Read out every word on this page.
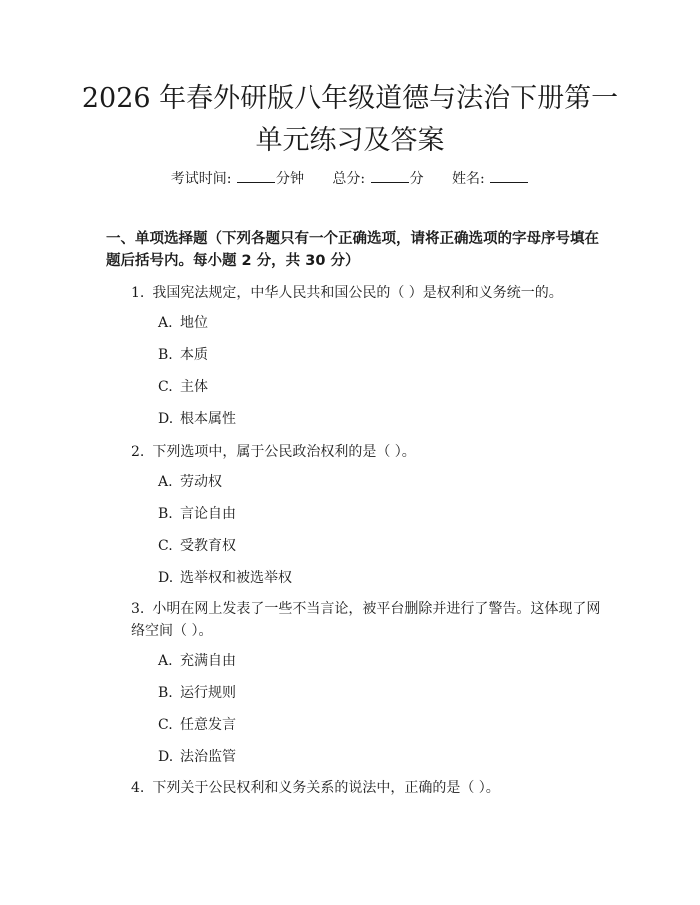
2026 年春外研版八年级道德与法治下册第一
单元练习及答案
考试时间:	分钟 总分:	分 姓名:
一、单项选择题（下列各题只有一个正确选项，请将正确选项的字母序号填在题后括号内。每小题 2 分，共 30 分）
1. 我国宪法规定，中华人民共和国公民的（ ）是权利和义务统一的。
A. 地位
B. 本质
C. 主体
D. 根本属性
2. 下列选项中，属于公民政治权利的是（ ）。
A. 劳动权
B. 言论自由
C. 受教育权
D. 选举权和被选举权
3. 小明在网上发表了一些不当言论，被平台删除并进行了警告。这体现了网络空间（ ）。
A. 充满自由
B. 运行规则
C. 任意发言
D. 法治监管
4. 下列关于公民权利和义务关系的说法中，正确的是（ ）。
